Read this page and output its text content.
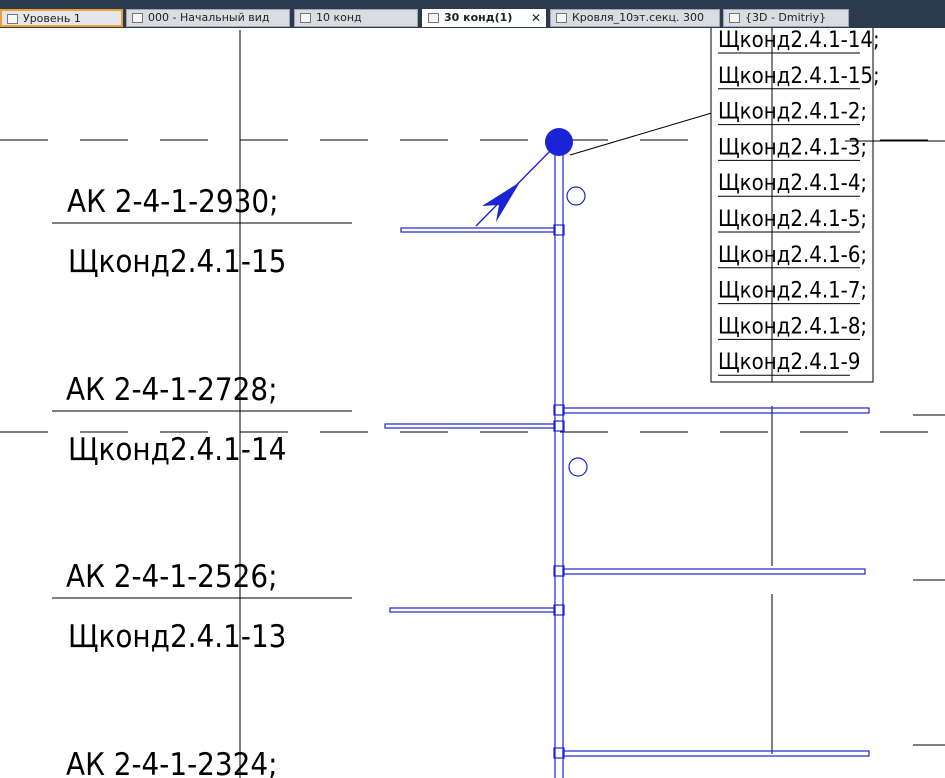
Уровень 1	000 - Начальный вид	10 конд	30 конд(1) ✕	Кровля_10эт.секц. 300	{3D - Dmitriy}
АК 2-4-1-2930;
Щконд2.4.1-15
АК 2-4-1-2728;
Щконд2.4.1-14
АК 2-4-1-2526;
Щконд2.4.1-13
АК 2-4-1-2324;
Щконд2.4.1-14;
Щконд2.4.1-15;
Щконд2.4.1-2;
Щконд2.4.1-3;
Щконд2.4.1-4;
Щконд2.4.1-5;
Щконд2.4.1-6;
Щконд2.4.1-7;
Щконд2.4.1-8;
Щконд2.4.1-9
